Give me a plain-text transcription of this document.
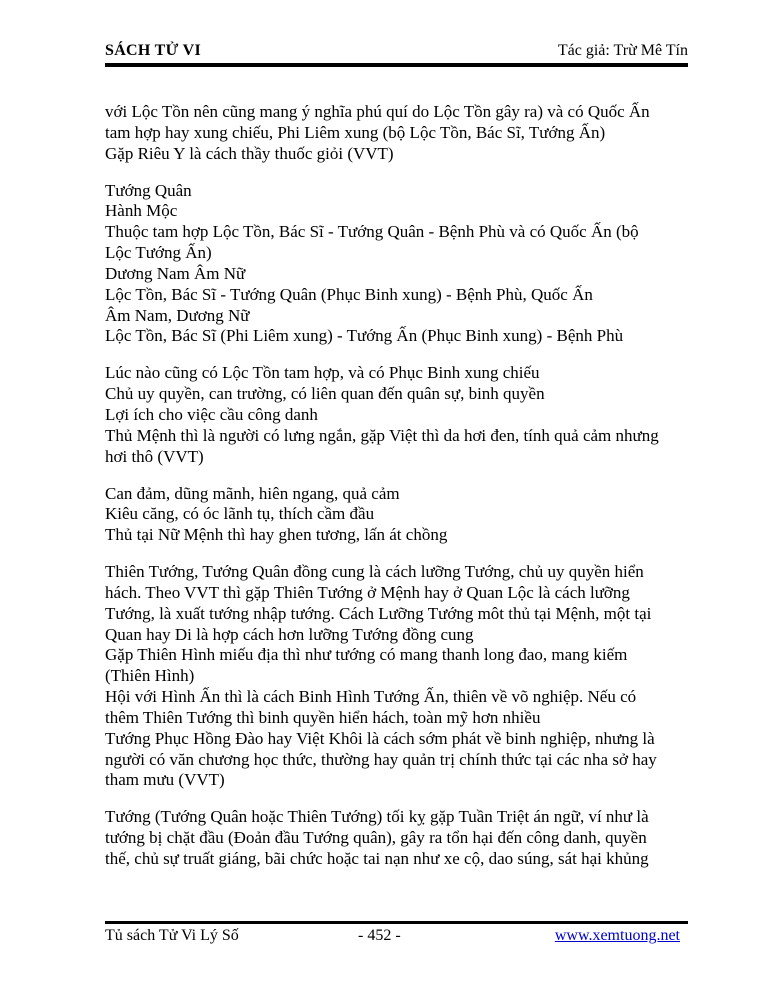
SÁCH TỬ VI	Tác giả: Trừ Mê Tín
với Lộc Tồn nên cũng mang ý nghĩa phú quí do Lộc Tồn gây ra) và có Quốc Ấn
tam hợp hay xung chiếu, Phi Liêm xung (bộ Lộc Tồn, Bác Sĩ, Tướng Ấn)
Gặp Riêu Y là cách thầy thuốc giỏi (VVT)
Tướng Quân
Hành Mộc
Thuộc tam hợp Lộc Tồn, Bác Sĩ - Tướng Quân - Bệnh Phù và có Quốc Ấn (bộ
Lộc Tướng Ấn)
Dương Nam Âm Nữ
Lộc Tồn, Bác Sĩ - Tướng Quân (Phục Binh xung) - Bệnh Phù, Quốc Ấn
Âm Nam, Dương Nữ
Lộc Tồn, Bác Sĩ (Phi Liêm xung) - Tướng Ấn (Phục Binh xung) - Bệnh Phù
Lúc nào cũng có Lộc Tồn tam hợp, và có Phục Binh xung chiếu
Chủ uy quyền, can trường, có liên quan đến quân sự, binh quyền
Lợi ích cho việc cầu công danh
Thủ Mệnh thì là người có lưng ngắn, gặp Việt thì da hơi đen, tính quả cảm nhưng
hơi thô (VVT)
Can đảm, dũng mãnh, hiên ngang, quả cảm
Kiêu căng, có óc lãnh tụ, thích cầm đầu
Thủ tại Nữ Mệnh thì hay ghen tương, lấn át chồng
Thiên Tướng, Tướng Quân đồng cung là cách lưỡng Tướng, chủ uy quyền hiển
hách. Theo VVT thì gặp Thiên Tướng ở Mệnh hay ở Quan Lộc là cách lưỡng
Tướng, là xuất tướng nhập tướng. Cách Lưỡng Tướng môt thủ tại Mệnh, một tại
Quan hay Di là hợp cách hơn lưỡng Tướng đồng cung
Gặp Thiên Hình miếu địa thì như tướng có mang thanh long đao, mang kiếm
(Thiên Hình)
Hội với Hình Ấn thì là cách Binh Hình Tướng Ấn, thiên về võ nghiệp. Nếu có
thêm Thiên Tướng thì binh quyền hiển hách, toàn mỹ hơn nhiều
Tướng Phục Hồng Đào hay Việt Khôi là cách sớm phát về binh nghiệp, nhưng là
người có văn chương học thức, thường hay quản trị chính thức tại các nha sở hay
tham mưu (VVT)
Tướng (Tướng Quân hoặc Thiên Tướng) tối kỵ gặp Tuần Triệt án ngữ, ví như là
tướng bị chặt đầu (Đoản đầu Tướng quân), gây ra tổn hại đến công danh, quyền
thế, chủ sự truất giáng, bãi chức hoặc tai nạn như xe cộ, dao súng, sát hại khủng
Tủ sách Tử Vi Lý Số	- 452 -	www.xemtuong.net
